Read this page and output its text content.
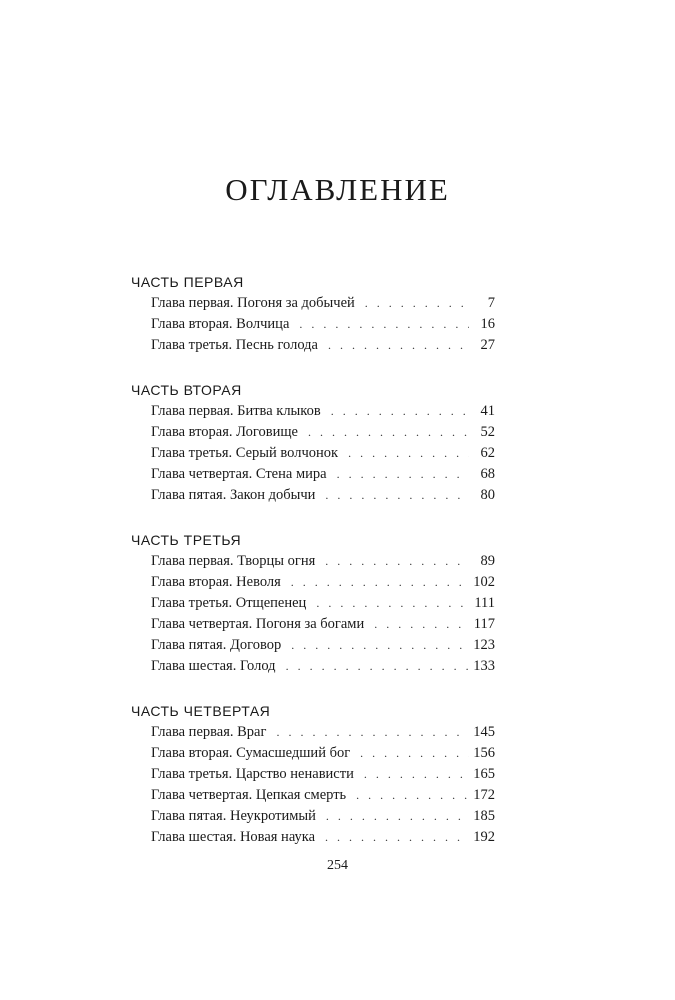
ОГЛАВЛЕНИЕ
ЧАСТЬ ПЕРВАЯ
Глава первая. Погоня за добычей . . .	7
Глава вторая. Волчица . . .	16
Глава третья. Песнь голода . . .	27
ЧАСТЬ ВТОРАЯ
Глава первая. Битва клыков . . .	41
Глава вторая. Логовище . . .	52
Глава третья. Серый волчонок . . .	62
Глава четвертая. Стена мира . . .	68
Глава пятая. Закон добычи . . .	80
ЧАСТЬ ТРЕТЬЯ
Глава первая. Творцы огня . . .	89
Глава вторая. Неволя . . .	102
Глава третья. Отщепенец . . .	111
Глава четвертая. Погоня за богами . . .	117
Глава пятая. Договор . . .	123
Глава шестая. Голод . . .	133
ЧАСТЬ ЧЕТВЕРТАЯ
Глава первая. Враг . . .	145
Глава вторая. Сумасшедший бог . . .	156
Глава третья. Царство ненависти . . .	165
Глава четвертая. Цепкая смерть . . .	172
Глава пятая. Неукротимый . . .	185
Глава шестая. Новая наука . . .	192
254
